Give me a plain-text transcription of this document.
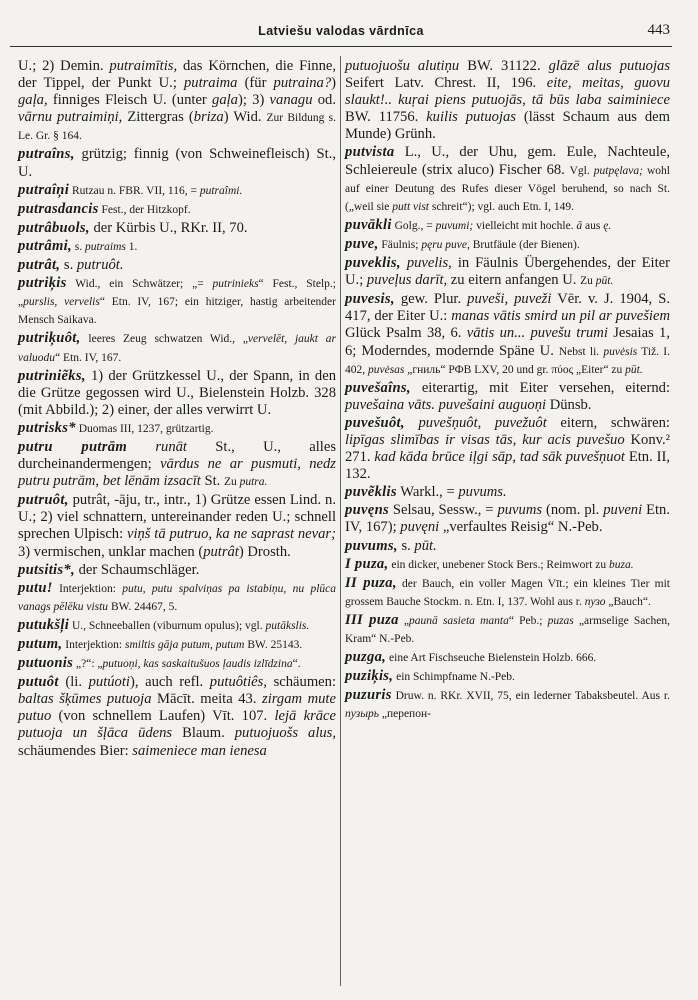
Latviešu valodas vārdnīca	443
U.; 2) Demin. putraimītis, das Körnchen, die Finne, der Tippel, der Punkt U.; putraima (für putraina?) gaļa, finniges Fleisch U. (unter gaļa); 3) vanagu od. vārnu putraimiņi, Zittergras (briza) Wid. Zur Bildung s. Le. Gr. § 164.
putraîns, grützig; finnig (von Schweinefleisch) St., U.
putraîņi Rutzau n. FBR. VII, 116, = putraîmi.
putrasdancis Fest., der Hitzkopf.
putrâbuols, der Kürbis U., RKr. II, 70.
putrâmi, s. putraims 1.
putrât, s. putruôt.
putriķis Wid., ein Schwätzer; „= putrinieks“ Fest., Stelp.; „purslis, vervelis“ Etn. IV, 167; ein hitziger, hastig arbeitender Mensch Saikava.
putriķuôt, leeres Zeug schwatzen Wid., „vervelēt, jaukt ar valuodu“ Etn. IV, 167.
putriniẽks, 1) der Grützkessel U., der Spann, in den die Grütze gegossen wird U., Bielenstein Holzb. 328 (mit Abbild.); 2) einer, der alles verwirrt U.
putrisks* Duomas III, 1237, grützartig.
putru putrām runāt St., U., alles durcheinandermengen; vārdus ne ar pusmuti, nedz putru putrām, bet lēnām izsacīt St. Zu putra.
putruôt, putrât, -āju, tr., intr., 1) Grütze essen Lind. n. U.; 2) viel schnattern, untereinander reden U.; schnell sprechen Ulpisch: viņš tā putruo, ka ne saprast nevar; 3) vermischen, unklar machen (putrât) Drosth.
putsitis*, der Schaumschläger.
putu! Interjektion: putu, putu spalviņas pa istabiņu, nu plūca vanags pēlēku vistu BW. 24467, 5.
putukšļi U., Schneeballen (viburnum opulus); vgl. putākslis.
putum, Interjektion: smiltis gāja putum, putum BW. 25143.
putuonis „?“: „putuoņi, kas saskaitušuos ļaudis izlīdzina“.
putuôt (li. putúoti), auch refl. putuôtiês, schäumen: baltas šķūmes putuoja Mācīt. meita 43. zirgam mute putuo (von schnellem Laufen) Vīt. 107. lejā krāce putuoja un šļāca ūdens Blaum. putuojuošs alus, schäumendes Bier: saimeniece man ienesa
putuojuošu alutiņu BW. 31122. glāzē alus putuojas Seifert Latv. Chrest. II, 196. eite, meitas, guovu slaukt!.. kuŗai piens putuojās, tā būs laba saiminiece BW. 11756. kuilis putuojas (lässt Schaum aus dem Munde) Grünh.
putvista L., U., der Uhu, gem. Eule, Nachteule, Schleiereule (strix aluco) Fischer 68. Vgl. putpęlava; wohl auf einer Deutung des Rufes dieser Vögel beruhend, so nach St. („weil sie putt vist schreit“); vgl. auch Etn. I, 149.
puvākli Golg., = puvumi; vielleicht mit hochle. ā aus ę.
puve, Fäulnis; pęru puve, Brutfäule (der Bienen).
puveklis, puvelis, in Fäulnis Übergehendes, der Eiter U.; puveļus darīt, zu eitern anfangen U. Zu pūt.
puvesis, gew. Plur. puveši, puveži Vēr. v. J. 1904, S. 417, der Eiter U.: manas vātis smird un pil ar puvešiem Glück Psalm 38, 6. vātis un... puvešu trumi Jesaias 1, 6; Moderndes, modernde Späne U. Nebst li. puvėsis Tiž. I. 402, puvėsas „гниль“ РФВ LXV, 20 und gr. πύος „Eiter“ zu pūt.
puvešaîns, eiterartig, mit Eiter versehen, eiternd: puvešaina vāts. puvešaini auguoņi Dünsb.
puvešuôt, puvešņuôt, puvežuôt eitern, schwären: lipīgas slimības ir visas tās, kur acis puvešuo Konv.² 271. kad kāda brūce iļgi sāp, tad sāk puvešņuot Etn. II, 132.
puvẽklis Warkl., = puvums.
puvęns Selsau, Sessw., = puvums (nom. pl. puveni Etn. IV, 167); puvęni „verfaultes Reisig“ N.-Peb.
puvums, s. pūt.
I puza, ein dicker, unebener Stock Bers.; Reimwort zu buza.
II puza, der Bauch, ein voller Magen Vīt.; ein kleines Tier mit grossem Bauche Stockm. n. Etn. I, 137. Wohl aus r. пузо „Bauch“.
III puza „paunā sasieta manta“ Peb.; puzas „armselige Sachen, Kram“ N.-Peb.
puzga, eine Art Fischseuche Bielenstein Holzb. 666.
puziķis, ein Schimpfname N.-Peb.
puzuris Druw. n. RKr. XVII, 75, ein lederner Tabaksbeutel. Aus r. пузырь „перепон-
